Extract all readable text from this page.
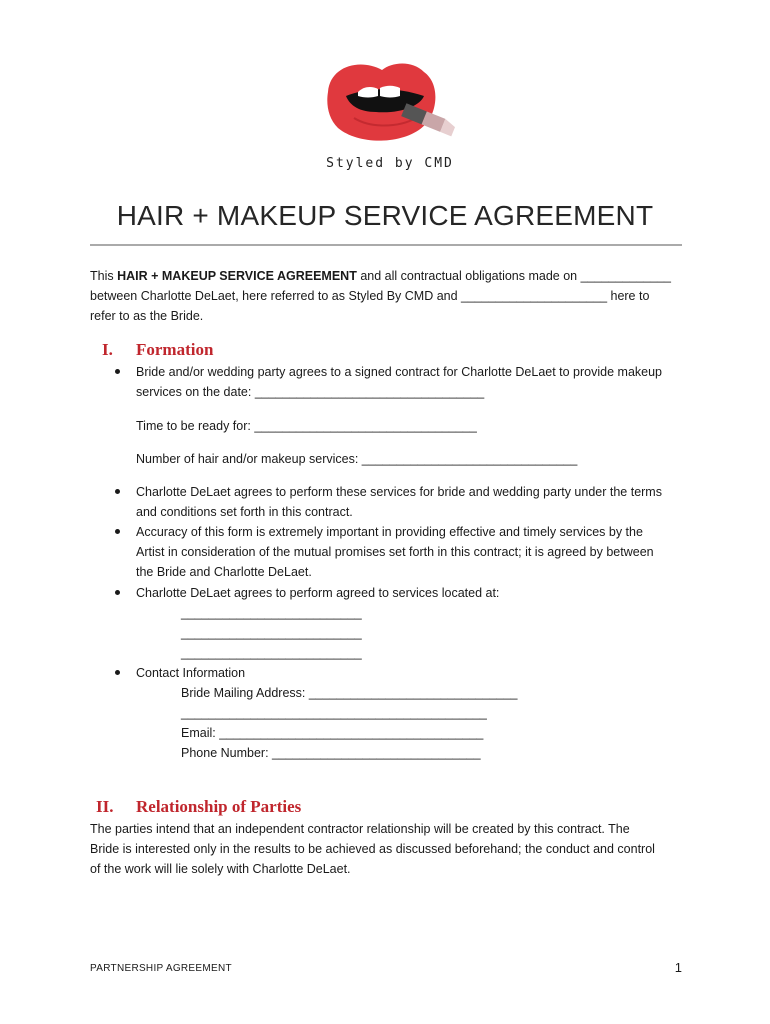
Styled by CMD
HAIR + MAKEUP SERVICE AGREEMENT
This HAIR + MAKEUP SERVICE AGREEMENT and all contractual obligations made on _____________
between Charlotte DeLaet, here referred to as Styled By CMD and _____________________ here to
refer to as the Bride.
I. Formation
Bride and/or wedding party agrees to a signed contract for Charlotte DeLaet to provide makeup
services on the date: _________________________________
Time to be ready for: ________________________________
Number of hair and/or makeup services: _______________________________
Charlotte DeLaet agrees to perform these services for bride and wedding party under the terms
and conditions set forth in this contract.
Accuracy of this form is extremely important in providing effective and timely services by the
Artist in consideration of the mutual promises set forth in this contract; it is agreed by between
the Bride and Charlotte DeLaet.
Charlotte DeLaet agrees to perform agreed to services located at:
__________________________
__________________________
__________________________
Contact Information
Bride Mailing Address: ______________________________
____________________________________________
Email: ______________________________________
Phone Number: ______________________________
II. Relationship of Parties
The parties intend that an independent contractor relationship will be created by this contract. The
Bride is interested only in the results to be achieved as discussed beforehand; the conduct and control
of the work will lie solely with Charlotte DeLaet.
PARTNERSHIP AGREEMENT	1
